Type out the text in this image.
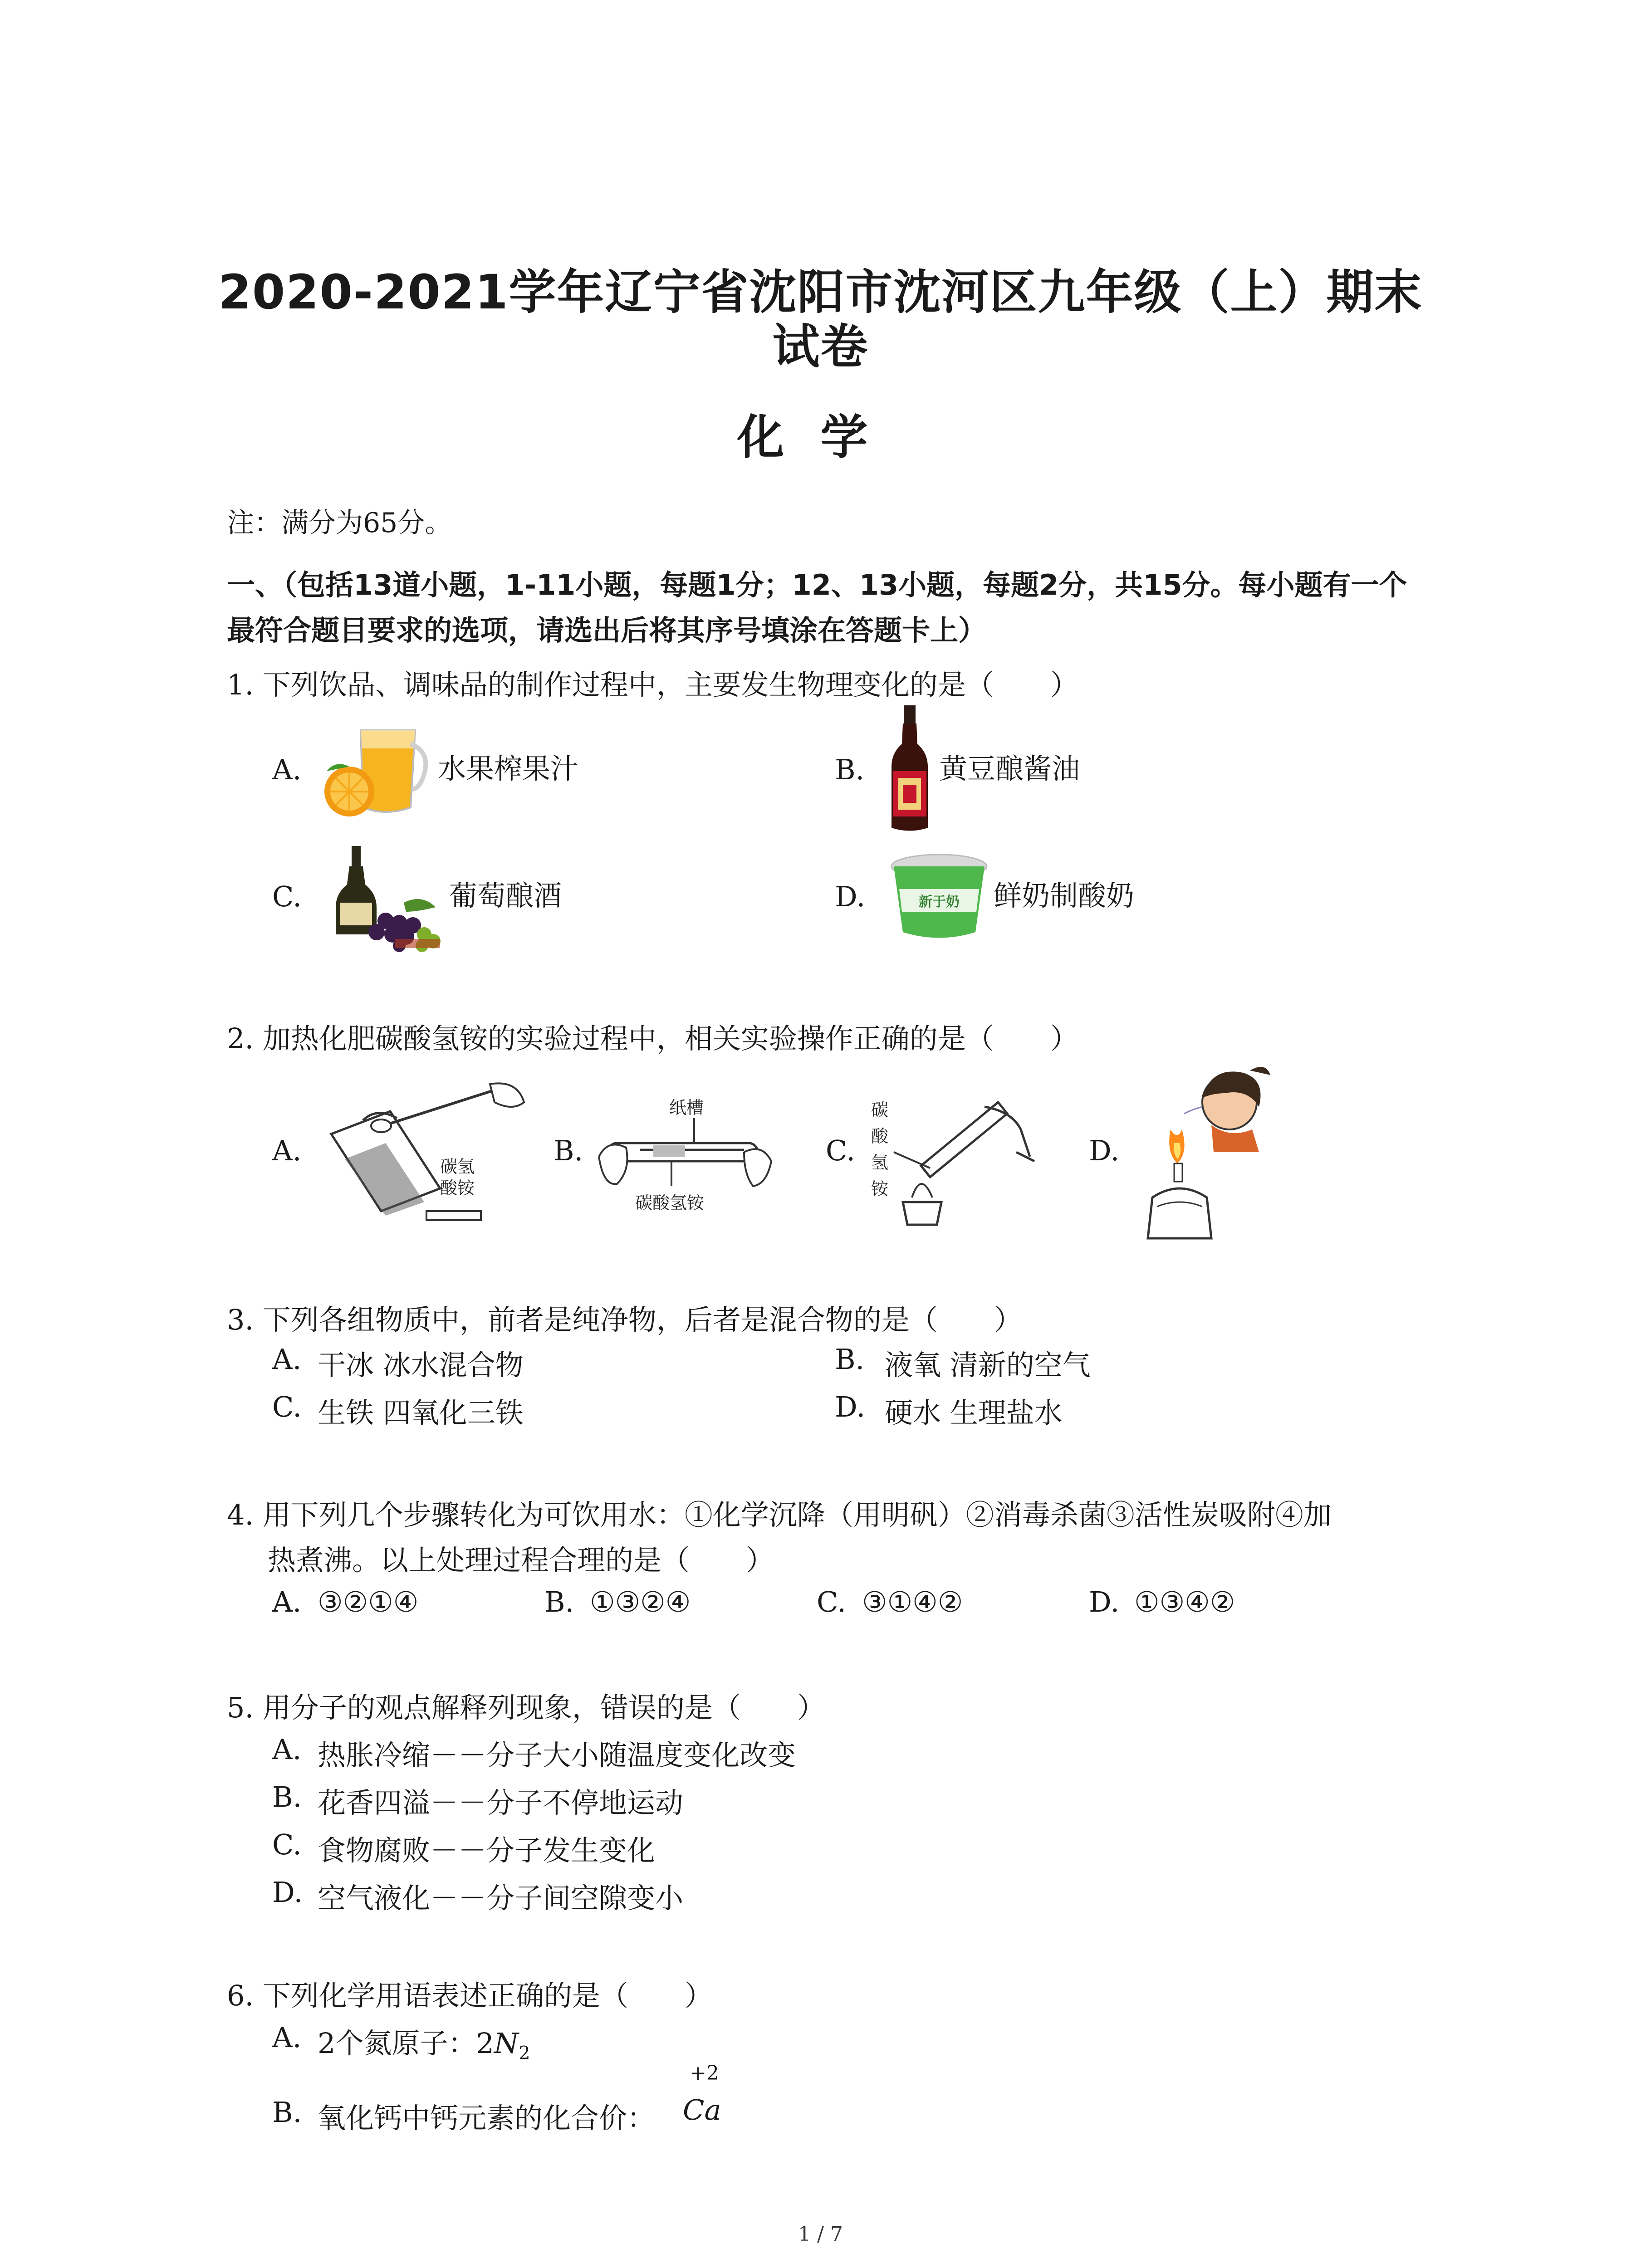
2020-2021学年辽宁省沈阳市沈河区九年级（上）期末
试卷
化学
注：满分为65分。
一、（包括13道小题，1-11小题，每题1分；12、13小题，每题2分，共15分。每小题有一个
最符合题目要求的选项，请选出后将其序号填涂在答题卡上）
1. 下列饮品、调味品的制作过程中，主要发生物理变化的是（　　）
A.	水果榨果汁	B.	黄豆酿酱油
C.	葡萄酿酒	D.	新于奶 鲜奶制酸奶
2. 加热化肥碳酸氢铵的实验过程中，相关实验操作正确的是（　　）
A.	碳氢
酸铵
B.
纸槽
碳酸氢铵
C.
碳
酸
氢
铵
D.
3. 下列各组物质中，前者是纯净物，后者是混合物的是（　　）
A. 干冰 冰水混合物	B. 液氧 清新的空气
C. 生铁 四氧化三铁	D. 硬水 生理盐水
4. 用下列几个步骤转化为可饮用水：①化学沉降（用明矾）②消毒杀菌③活性炭吸附④加
热煮沸。以上处理过程合理的是（　　）
A. ③②①④	B. ①③②④	C. ③①④②	D. ①③④②
5. 用分子的观点解释列现象，错误的是（　　）
A. 热胀冷缩－－分子大小随温度变化改变
B. 花香四溢－－分子不停地运动
C. 食物腐败－－分子发生变化
D. 空气液化－－分子间空隙变小
6. 下列化学用语表述正确的是（　　）
A. 2个氮原子：$2N_2$
B. 氧化钙中钙元素的化合价：
+2
Ca
1 / 7
